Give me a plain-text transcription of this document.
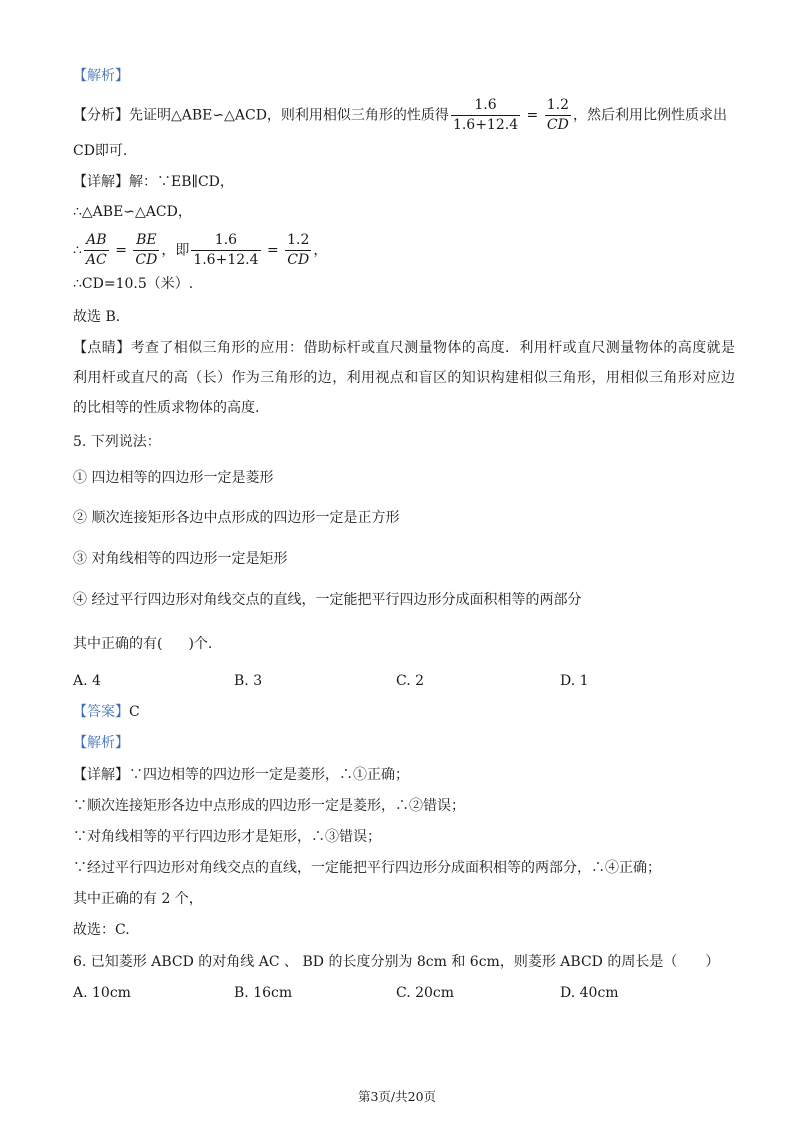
【解析】
【分析】先证明△ABE∽△ACD，则利用相似三角形的性质得 $\frac{1.6}{1.6+12.4} = \frac{1.2}{CD}$ ，然后利用比例性质求出
CD即可.
【详解】解：∵EB∥CD，
∴△ABE∽△ACD，
∴ $\frac{AB}{AC} = \frac{BE}{CD}$ ，即 $\frac{1.6}{1.6+12.4} = \frac{1.2}{CD}$ ，
∴CD=10.5（米）.
故选 B.
【点睛】考查了相似三角形的应用：借助标杆或直尺测量物体的高度．利用杆或直尺测量物体的高度就是
利用杆或直尺的高（长）作为三角形的边，利用视点和盲区的知识构建相似三角形，用相似三角形对应边
的比相等的性质求物体的高度.
5. 下列说法：
① 四边相等的四边形一定是菱形
② 顺次连接矩形各边中点形成的四边形一定是正方形
③ 对角线相等的四边形一定是矩形
④ 经过平行四边形对角线交点的直线，一定能把平行四边形分成面积相等的两部分
其中正确的有( )个.
A. 4	B. 3	C. 2	D. 1
【答案】C
【解析】
【详解】∵四边相等的四边形一定是菱形，∴①正确；
∵顺次连接矩形各边中点形成的四边形一定是菱形，∴②错误；
∵对角线相等的平行四边形才是矩形，∴③错误；
∵经过平行四边形对角线交点的直线，一定能把平行四边形分成面积相等的两部分，∴④正确；
其中正确的有 2 个，
故选：C.
6. 已知菱形 ABCD 的对角线 AC 、 BD 的长度分别为 8cm 和 6cm，则菱形 ABCD 的周长是（　　）
A. 10cm	B. 16cm	C. 20cm	D. 40cm
第3页/共20页
